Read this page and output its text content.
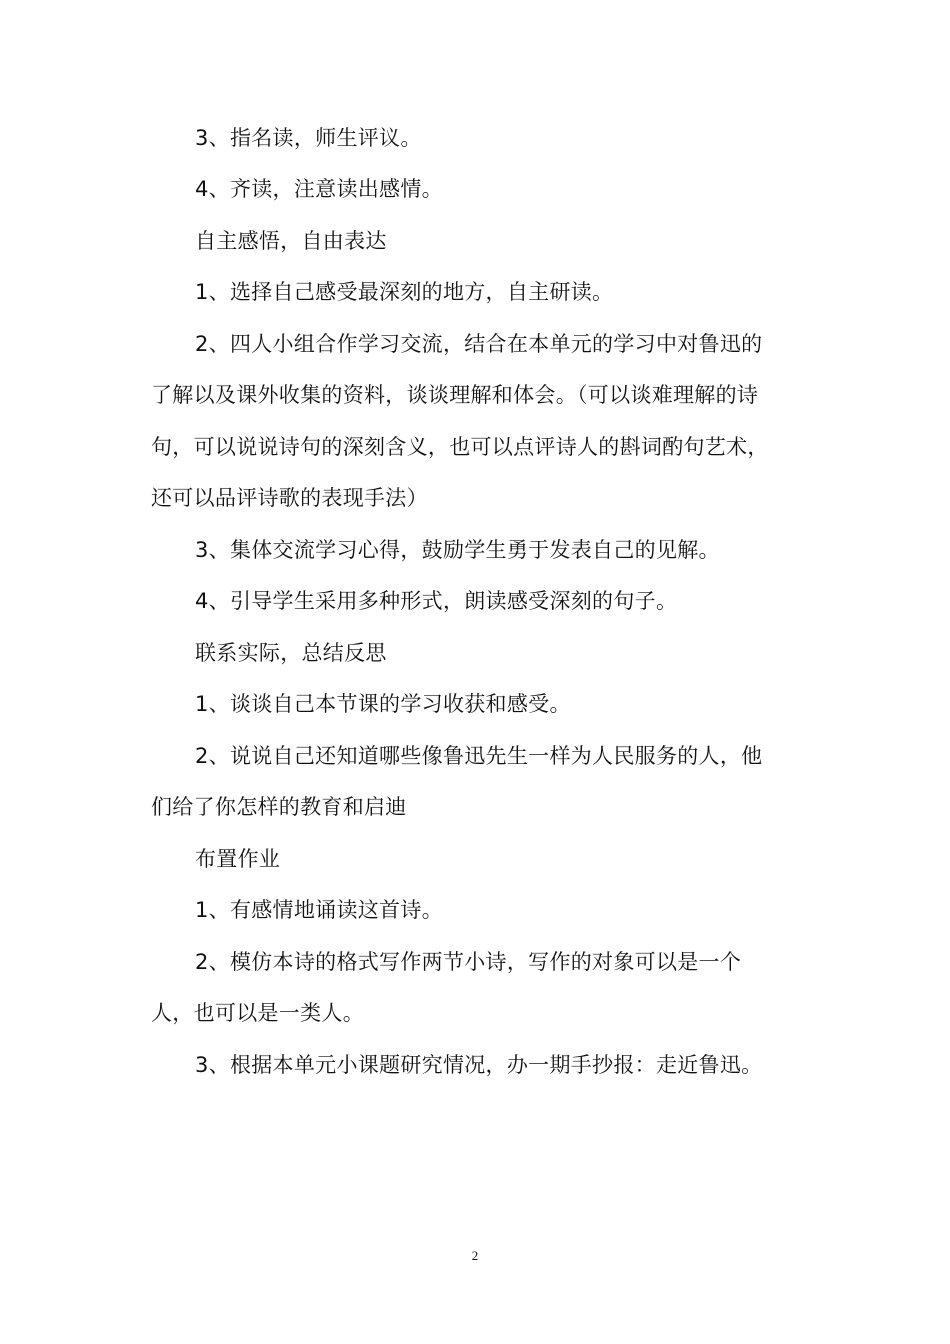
3、指名读，师生评议。
4、齐读，注意读出感情。
自主感悟，自由表达
1、选择自己感受最深刻的地方，自主研读。
2、四人小组合作学习交流，结合在本单元的学习中对鲁迅的
了解以及课外收集的资料，谈谈理解和体会。（可以谈难理解的诗
句，可以说说诗句的深刻含义，也可以点评诗人的斟词酌句艺术，
还可以品评诗歌的表现手法）
3、集体交流学习心得，鼓励学生勇于发表自己的见解。
4、引导学生采用多种形式，朗读感受深刻的句子。
联系实际，总结反思
1、谈谈自己本节课的学习收获和感受。
2、说说自己还知道哪些像鲁迅先生一样为人民服务的人，他
们给了你怎样的教育和启迪
布置作业
1、有感情地诵读这首诗。
2、模仿本诗的格式写作两节小诗，写作的对象可以是一个
人，也可以是一类人。
3、根据本单元小课题研究情况，办一期手抄报：走近鲁迅。
2
